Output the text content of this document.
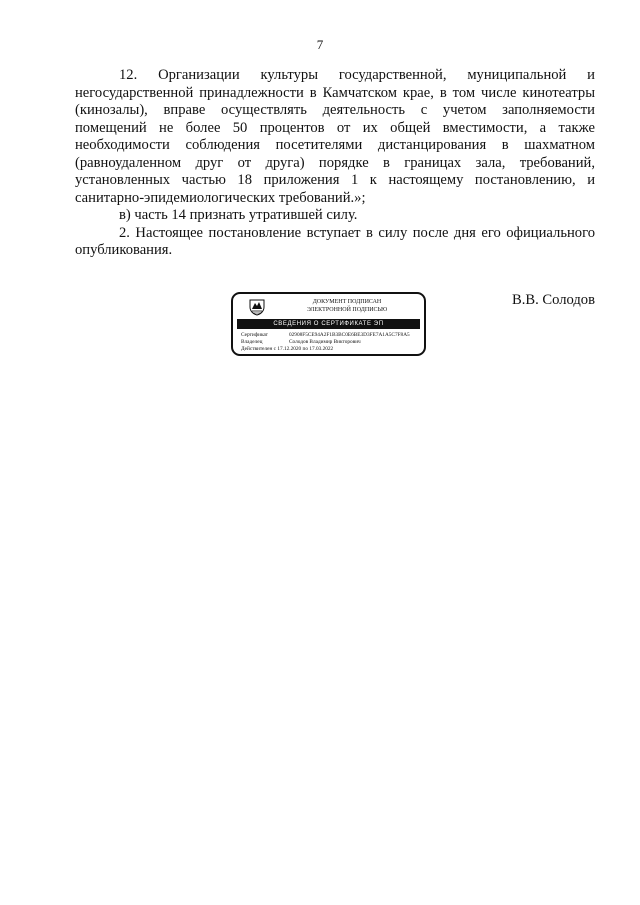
7

12. Организации культуры государственной, муниципальной и негосударственной принадлежности в Камчатском крае, в том числе кинотеатры (кинозалы), вправе осуществлять деятельность с учетом заполняемости помещений не более 50 процентов от их общей вместимости, а также необходимости соблюдения посетителями дистанцирования в шахматном (равноудаленном друг от друга) порядке в границах зала, требований, установленных частью 18 приложения 1 к настоящему постановлению, и санитарно-эпидемиологических требований.»;

в) часть 14 признать утратившей силу.

2. Настоящее постановление вступает в силу после дня его официального опубликования.

ДОКУМЕНТ ПОДПИСАН
ЭЛЕКТРОННОЙ ПОДПИСЬЮ
СВЕДЕНИЯ О СЕРТИФИКАТЕ ЭП
Сертификат	02908F5CE94A2F1B3BC0E6BE3D3FE7A1A5C7F8A5
Владелец	Солодов Владимир Викторович
Действителен с 17.12.2020 по 17.03.2022
В.В. Солодов
